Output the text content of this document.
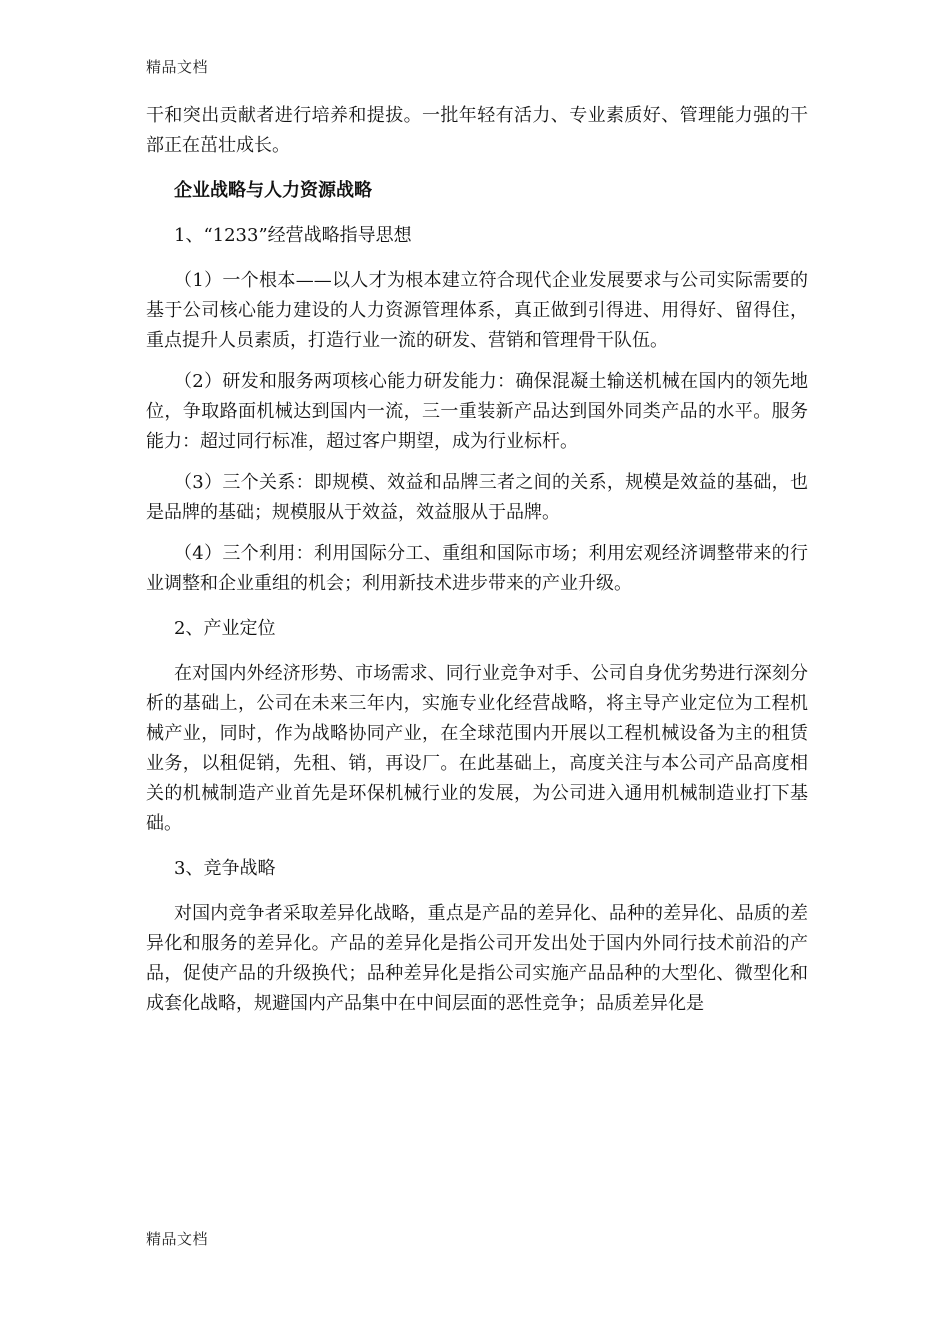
精品文档

干和突出贡献者进行培养和提拔。一批年轻有活力、专业素质好、管理能力强的干部正在茁壮成长。

企业战略与人力资源战略

1、“1233”经营战略指导思想

（1）一个根本——以人才为根本建立符合现代企业发展要求与公司实际需要的基于公司核心能力建设的人力资源管理体系，真正做到引得进、用得好、留得住，重点提升人员素质，打造行业一流的研发、营销和管理骨干队伍。

（2）研发和服务两项核心能力研发能力：确保混凝土输送机械在国内的领先地位，争取路面机械达到国内一流，三一重装新产品达到国外同类产品的水平。服务能力：超过同行标准，超过客户期望，成为行业标杆。

（3）三个关系：即规模、效益和品牌三者之间的关系，规模是效益的基础，也是品牌的基础；规模服从于效益，效益服从于品牌。

（4）三个利用：利用国际分工、重组和国际市场；利用宏观经济调整带来的行业调整和企业重组的机会；利用新技术进步带来的产业升级。

2、产业定位

在对国内外经济形势、市场需求、同行业竞争对手、公司自身优劣势进行深刻分析的基础上，公司在未来三年内，实施专业化经营战略，将主导产业定位为工程机械产业，同时，作为战略协同产业，在全球范围内开展以工程机械设备为主的租赁业务，以租促销，先租、销，再设厂。在此基础上，高度关注与本公司产品高度相关的机械制造产业首先是环保机械行业的发展，为公司进入通用机械制造业打下基础。

3、竞争战略

对国内竞争者采取差异化战略，重点是产品的差异化、品种的差异化、品质的差异化和服务的差异化。产品的差异化是指公司开发出处于国内外同行技术前沿的产品，促使产品的升级换代；品种差异化是指公司实施产品品种的大型化、微型化和成套化战略，规避国内产品集中在中间层面的恶性竞争；品质差异化是

精品文档
